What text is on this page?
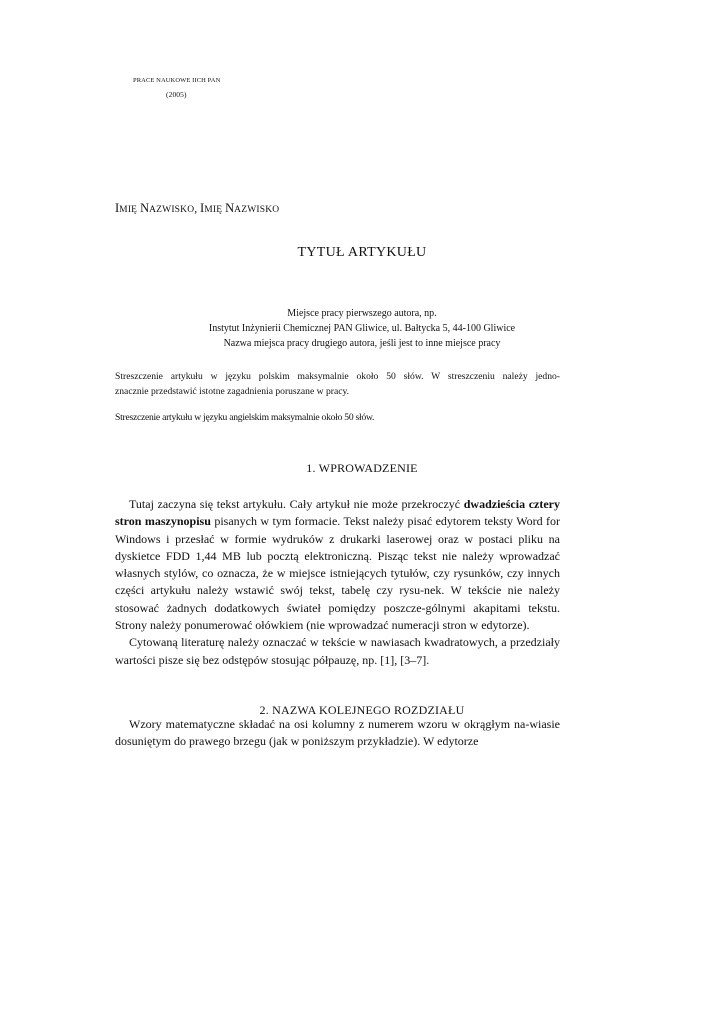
PRACE NAUKOWE IICH PAN
(2005)
IMIĘ NAZWISKO, IMIĘ NAZWISKO
TYTUŁ ARTYKUŁU
Miejsce pracy pierwszego autora, np.
Instytut Inżynierii Chemicznej PAN Gliwice, ul. Bałtycka 5, 44-100 Gliwice
Nazwa miejsca pracy drugiego autora, jeśli jest to inne miejsce pracy
Streszczenie artykułu w języku polskim maksymalnie około 50 słów. W streszczeniu należy jedno-
znacznie przedstawić istotne zagadnienia poruszane w pracy.
Streszczenie artykułu w języku angielskim maksymalnie około 50 słów.
1. WPROWADZENIE

Tutaj zaczyna się tekst artykułu. Cały artykuł nie może przekroczyć dwadzieścia cztery stron maszynopisu pisanych w tym formacie. Tekst należy pisać edytorem teksty Word for Windows i przesłać w formie wydruków z drukarki laserowej oraz w postaci pliku na dyskietce FDD 1,44 MB lub pocztą elektroniczną. Pisząc tekst nie należy wprowadzać własnych stylów, co oznacza, że w miejsce istniejących tytułów, czy rysunków, czy innych części artykułu należy wstawić swój tekst, tabelę czy rysu-nek. W tekście nie należy stosować żadnych dodatkowych świateł pomiędzy poszcze-gólnymi akapitami tekstu. Strony należy ponumerować ołówkiem (nie wprowadzać numeracji stron w edytorze).

Cytowaną literaturę należy oznaczać w tekście w nawiasach kwadratowych, a przedziały wartości pisze się bez odstępów stosując półpauzę, np. [1], [3–7].

2. NAZWA KOLEJNEGO ROZDZIAŁU

Wzory matematyczne składać na osi kolumny z numerem wzoru w okrągłym na-wiasie dosuniętym do prawego brzegu (jak w poniższym przykładzie). W edytorze
